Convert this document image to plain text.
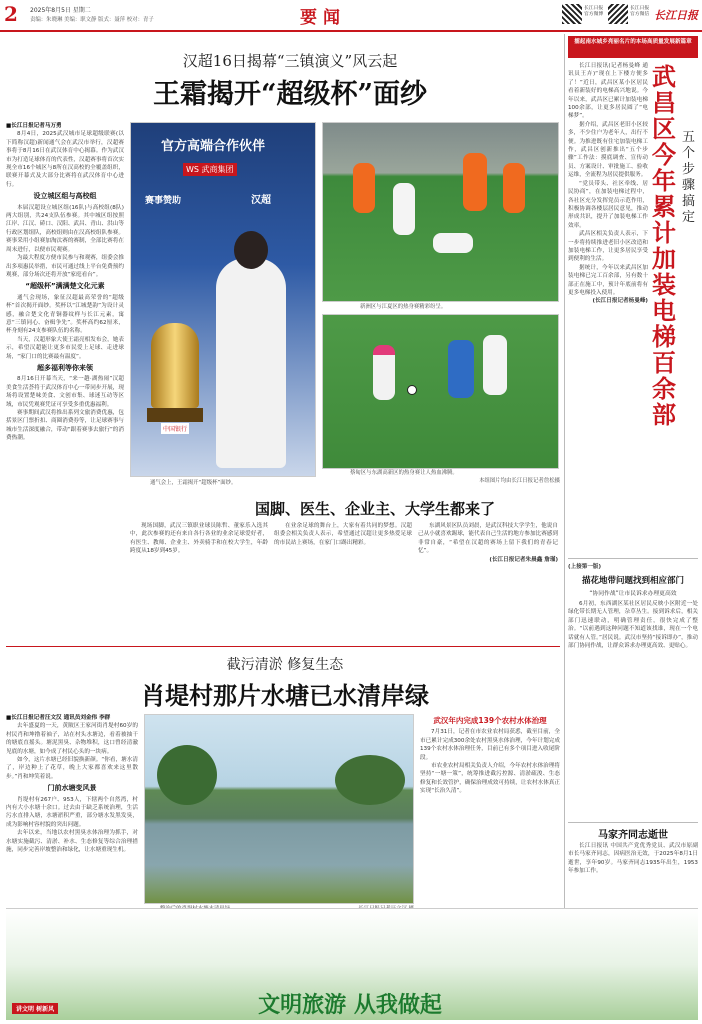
2 2025年8月5日 星期二
责编：朱晓琳 美编：职文静 版式：聂萍 校对：青子	要闻	长江日报 官方微博
长江日报 官方微信 长江日报
汉超16日揭幕“三镇演义”风云起
王霜揭开“超级杯”面纱
■长江日报记者马万勇

8月4日，2025武汉城市足球超级联赛(以下简称汉超)新闻通气会在武汉市举行，汉超赛事将于8月16日在武汉体育中心揭幕。作为武汉市为打造足球体育的代表性，汉超赛事将首次实现全市16个城区与8所在汉高校的全覆盖组织，联赛开幕式及大部分比赛将在武汉体育中心进行。

设立城区组与高校组

本届汉超设立城区组(16队)与高校组(8队)两大组别，共24支队伍参赛。其中城区组按照江岸、江汉、硚口、汉阳、武昌、青山、洪山等行政区划组队，高校组则由在汉高校组队参赛。赛事采用小组赛加淘汰赛的赛制，全部比赛将在周末进行，以便市民观赛。

为最大程度方便市民参与和观赛，组委会推出多项惠民举措，市民可通过线上平台免费预约观赛，部分场次还将开放“家庭看台”。

“超级杯”满满楚文化元素

通气会现场，象征汉超最高荣誉的“超级杯”首次揭开面纱。奖杯以“江城楚韵”为设计灵感，融合楚文化青铜器纹样与长江元素，寓意“三镇同心、奋楫争先”。奖杯高约62厘米，杯身刻有24支参赛队伍的名称。

当天，汉超形象大使王霜亮相发布会，她表示，希望汉超能让更多市民爱上足球、走进球场，“家门口的比赛最有温度”。

超多福利等你来领

8月16日开幕当天，“来一趟·湖热闹”汉超美食生活荟将于武汉体育中心一带同步开展，现场将设置楚味美食、文创市集、球迷互动等区域，市民凭观赛凭证可享受多重优惠福利。

赛事期间武汉将推出系列文旅消费优惠，包括景区门票折扣、商圈消费券等，让足球赛事与城市生活深度融合，带动“跟着赛事去旅行”的消费热潮。

官方高端合作伙伴
WS 武商集团
赛事赞助	汉超
中国银行
通气会上，王霜揭开“超级杯”面纱。
新洲区与江夏区的热身赛精彩纷呈。
蔡甸区与东湖高新区的热身赛让人热血沸腾。
本组图片均由长江日报记者詹松摄
国脚、医生、企业主、大学生都来了

现场国脚，武汉三镇职业球员陈哲、董家乐入选其中，此次参赛的还有来自各行各业的业余足球爱好者，有医生、教师、企业主、外卖骑手和在校大学生，年龄跨度从18岁到45岁。

在业余足球的舞台上，大家有着共同的梦想。汉超组委会相关负责人表示，希望通过汉超让更多热爱足球的市民站上赛场，在家门口踢出精彩。

东湖风景区队员刘晨，是武汉科技大学学生，他说自己从小就喜欢踢球，能代表自己生活的地方参加比赛感到非常自豪，“希望在汉超的赛场上留下我们的青春记忆”。

(长江日报记者朱晨鑫 詹瑾)
截污清淤 修复生态
肖堤村那片水塘已水清岸绿
■长江日报记者汪文汉 通讯员刘金伟 李群

去年盛夏的一天，黄陂区王家河街肖堤村60岁的村民肖和坤撸着袖子，站在村头水塘边，看着被抽干的塘底直摇头。塘泥黑臭、杂物堆积，这口曾经清澈见底的水塘，如今成了村民心头的一块病。

如今，这片水塘已经旧貌换新颜。“你看，塘水清了，岸边种上了花草，晚上大家都喜欢来这里散步。”肖和坤笑着说。

门前水塘变风景

肖堤村有267户、953人，下辖两个自然湾，村内有大小水塘十余口。过去由于缺乏系统治理，生活污水直排入塘，水塘淤积严重，部分塘水发黑发臭，成为影响村容村貌的突出问题。

去年以来，当地以农村黑臭水体治理为抓手，对水塘实施截污、清淤、补水、生态修复等综合治理措施，同步完善岸坡整治和绿化，让水塘重现生机。

武汉年内完成139个农村水体治理

7月31日，记者在市农业农村局获悉，截至目前，全市已累计完成300余处农村黑臭水体治理，今年计划完成139个农村水体治理任务，目前已有多个项目进入收尾阶段。

市农业农村局相关负责人介绍，今年农村水体治理将坚持“一塘一策”，统筹推进截污控源、清淤疏浚、生态修复和长效管护，确保治理成效可持续，让农村水体真正实现“长治久清”。

擂起南水城乡亮丽名片的本场高质量发展新篇章

长江日报讯(记者杨曼峰 通讯员王卉)“现在上下楼方便多了！”近日，武昌区某小区居民看着新装好的电梯高兴地说。今年以来，武昌区已累计加装电梯100余部，让更多居民圆了“电梯梦”。

据介绍，武昌区老旧小区较多，不少住户为老年人，出行不便。为推进既有住宅加装电梯工作，武昌区创新推出“五个步骤”工作法：摸底调查、宣传动员、方案设计、审批施工、验收运维，全流程为居民提供服务。

“党员带头、社区牵线、居民协商”，在加装电梯过程中，各社区充分发挥党员示范作用，积极协调各楼层居民意见，推动形成共识，提升了加装电梯工作效率。

武昌区相关负责人表示，下一步将持续推进老旧小区改造和加装电梯工作，让更多居民享受到便利的生活。

据统计，今年以来武昌区加装电梯已完工百余部，另有数十部正在施工中，预计年底前将有更多电梯投入使用。

(长江日报记者杨曼峰)
武昌区今年累计加装电梯百余部
五个步骤搞定
(上接第一版)
描花地带问题找到相应部门
“协同作战”让市民诉求办理更高效

6月初，东西湖区某社区居民反映小区附近一处绿化带长期无人管理，杂草丛生。接到诉求后，相关部门迅速联动，明确管理责任，很快完成了整治。“以前遇到这种问题不知道该找谁，现在一个电话就有人管。”居民说。武汉市坚持“接诉即办”，推动部门协同作战，让群众诉求办理更高效、更贴心。

马家齐同志逝世

长江日报讯 中国共产党优秀党员、武汉市原副市长马家齐同志，因病医治无效，于2025年8月1日逝世，享年90岁。马家齐同志1935年出生，1953年参加工作。

讲文明 树新风	文明旅游 从我做起
